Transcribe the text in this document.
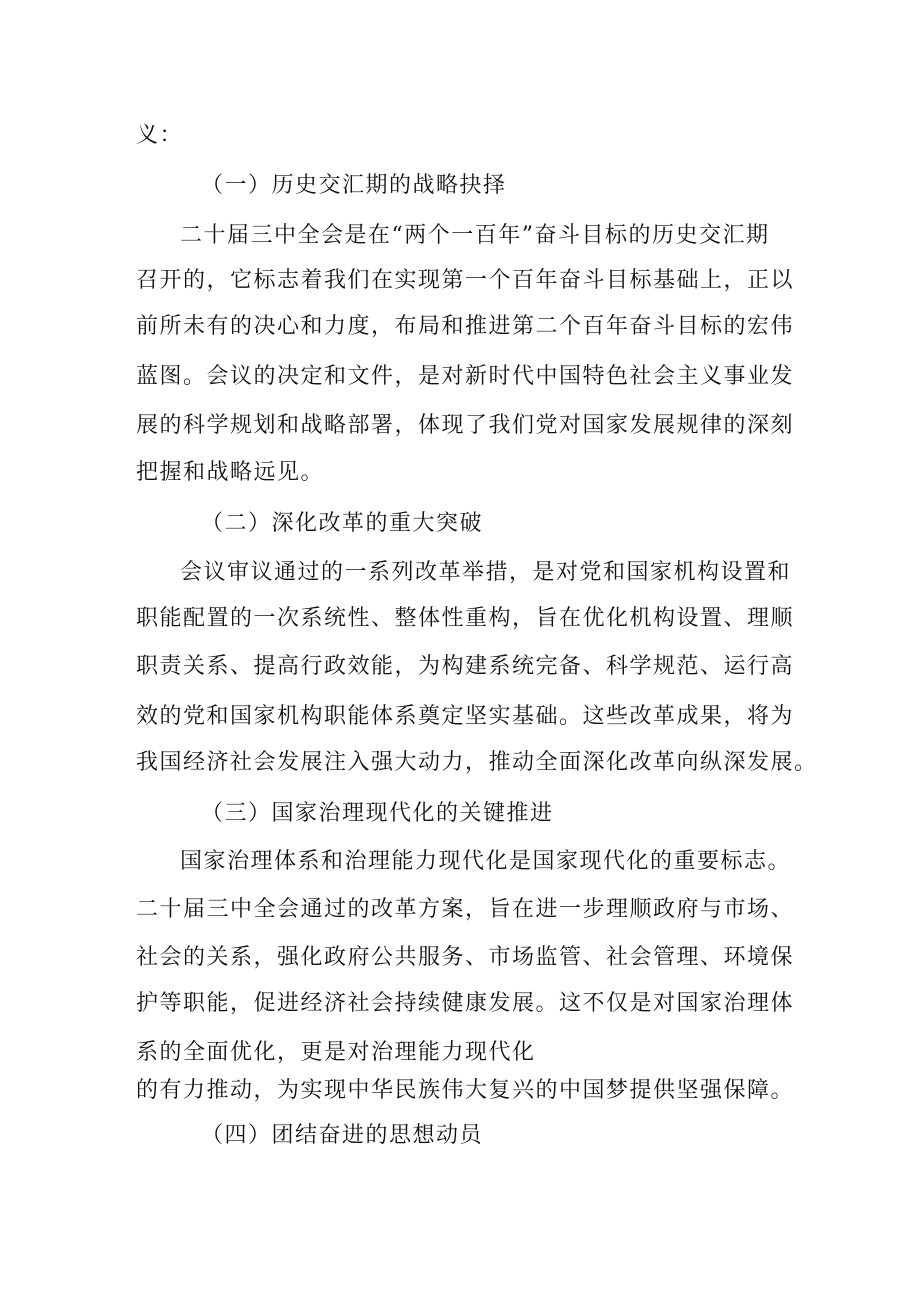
义：
（一）历史交汇期的战略抉择
二十届三中全会是在“两个一百年”奋斗目标的历史交汇期
召开的，它标志着我们在实现第一个百年奋斗目标基础上，正以
前所未有的决心和力度，布局和推进第二个百年奋斗目标的宏伟
蓝图。会议的决定和文件，是对新时代中国特色社会主义事业发
展的科学规划和战略部署，体现了我们党对国家发展规律的深刻
把握和战略远见。
（二）深化改革的重大突破
会议审议通过的一系列改革举措，是对党和国家机构设置和
职能配置的一次系统性、整体性重构，旨在优化机构设置、理顺
职责关系、提高行政效能，为构建系统完备、科学规范、运行高
效的党和国家机构职能体系奠定坚实基础。这些改革成果，将为
我国经济社会发展注入强大动力，推动全面深化改革向纵深发展。
（三）国家治理现代化的关键推进
国家治理体系和治理能力现代化是国家现代化的重要标志。
二十届三中全会通过的改革方案，旨在进一步理顺政府与市场、
社会的关系，强化政府公共服务、市场监管、社会管理、环境保
护等职能，促进经济社会持续健康发展。这不仅是对国家治理体
系的全面优化，更是对治理能力现代化
的有力推动，为实现中华民族伟大复兴的中国梦提供坚强保障。
（四）团结奋进的思想动员
